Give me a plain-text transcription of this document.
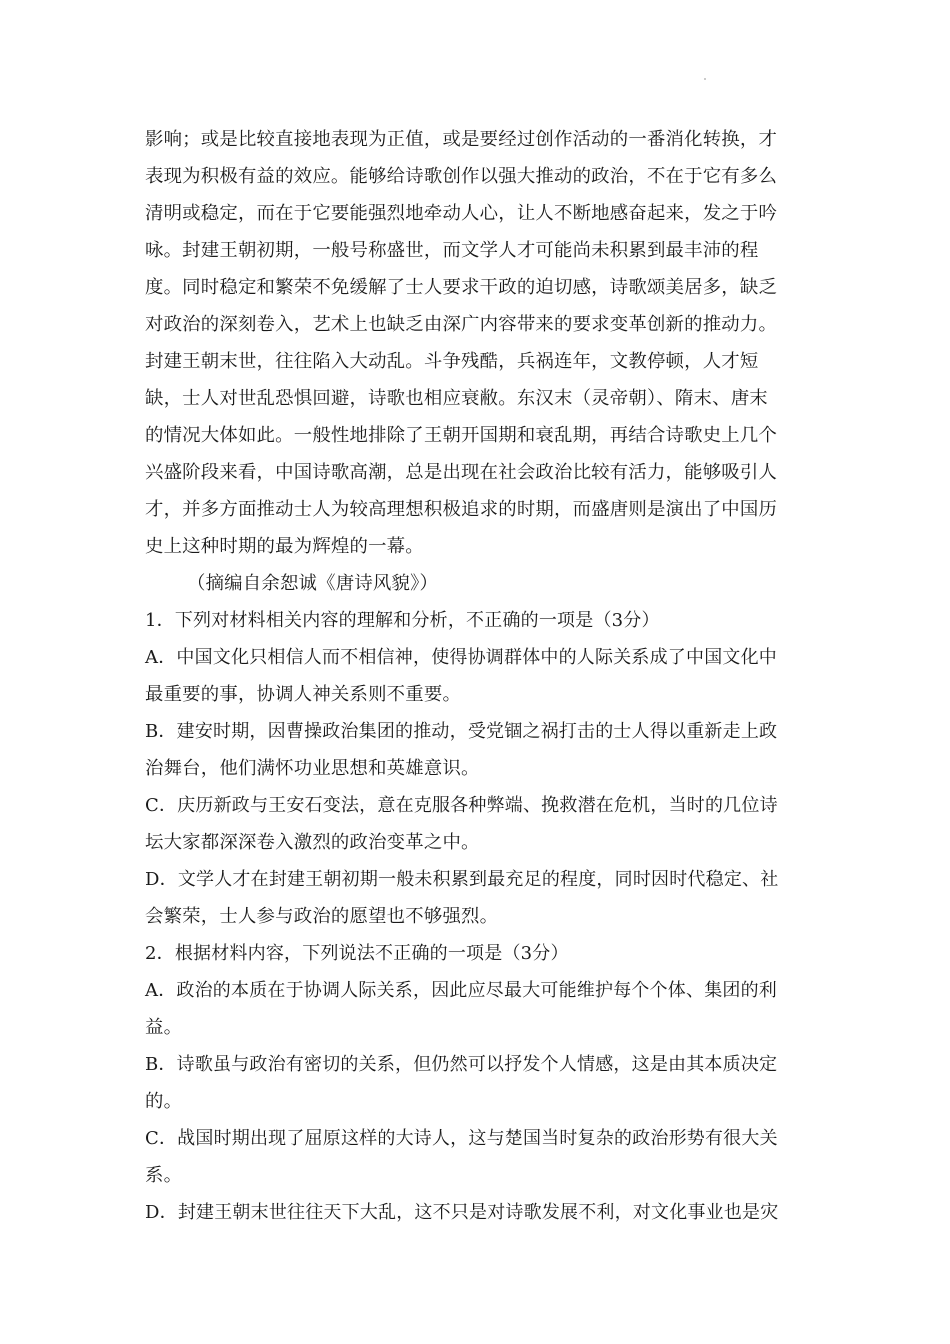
影响；或是比较直接地表现为正值，或是要经过创作活动的一番消化转换，才
表现为积极有益的效应。能够给诗歌创作以强大推动的政治，不在于它有多么
清明或稳定，而在于它要能强烈地牵动人心，让人不断地感奋起来，发之于吟
咏。封建王朝初期，一般号称盛世，而文学人才可能尚未积累到最丰沛的程
度。同时稳定和繁荣不免缓解了士人要求干政的迫切感，诗歌颂美居多，缺乏
对政治的深刻卷入，艺术上也缺乏由深广内容带来的要求变革创新的推动力。
封建王朝末世，往往陷入大动乱。斗争残酷，兵祸连年，文教停顿，人才短
缺，士人对世乱恐惧回避，诗歌也相应衰敝。东汉末（灵帝朝）、隋末、唐末
的情况大体如此。一般性地排除了王朝开国期和衰乱期，再结合诗歌史上几个
兴盛阶段来看，中国诗歌高潮，总是出现在社会政治比较有活力，能够吸引人
才，并多方面推动士人为较高理想积极追求的时期，而盛唐则是演出了中国历
史上这种时期的最为辉煌的一幕。
（摘编自余恕诚《唐诗风貌》）
1．下列对材料相关内容的理解和分析，不正确的一项是（3分）
A．中国文化只相信人而不相信神，使得协调群体中的人际关系成了中国文化中
最重要的事，协调人神关系则不重要。
B．建安时期，因曹操政治集团的推动，受党锢之祸打击的士人得以重新走上政
治舞台，他们满怀功业思想和英雄意识。
C．庆历新政与王安石变法，意在克服各种弊端、挽救潜在危机，当时的几位诗
坛大家都深深卷入激烈的政治变革之中。
D．文学人才在封建王朝初期一般未积累到最充足的程度，同时因时代稳定、社
会繁荣，士人参与政治的愿望也不够强烈。
2．根据材料内容，下列说法不正确的一项是（3分）
A．政治的本质在于协调人际关系，因此应尽最大可能维护每个个体、集团的利
益。
B．诗歌虽与政治有密切的关系，但仍然可以抒发个人情感，这是由其本质决定
的。
C．战国时期出现了屈原这样的大诗人，这与楚国当时复杂的政治形势有很大关
系。
D．封建王朝末世往往天下大乱，这不只是对诗歌发展不利，对文化事业也是灾
